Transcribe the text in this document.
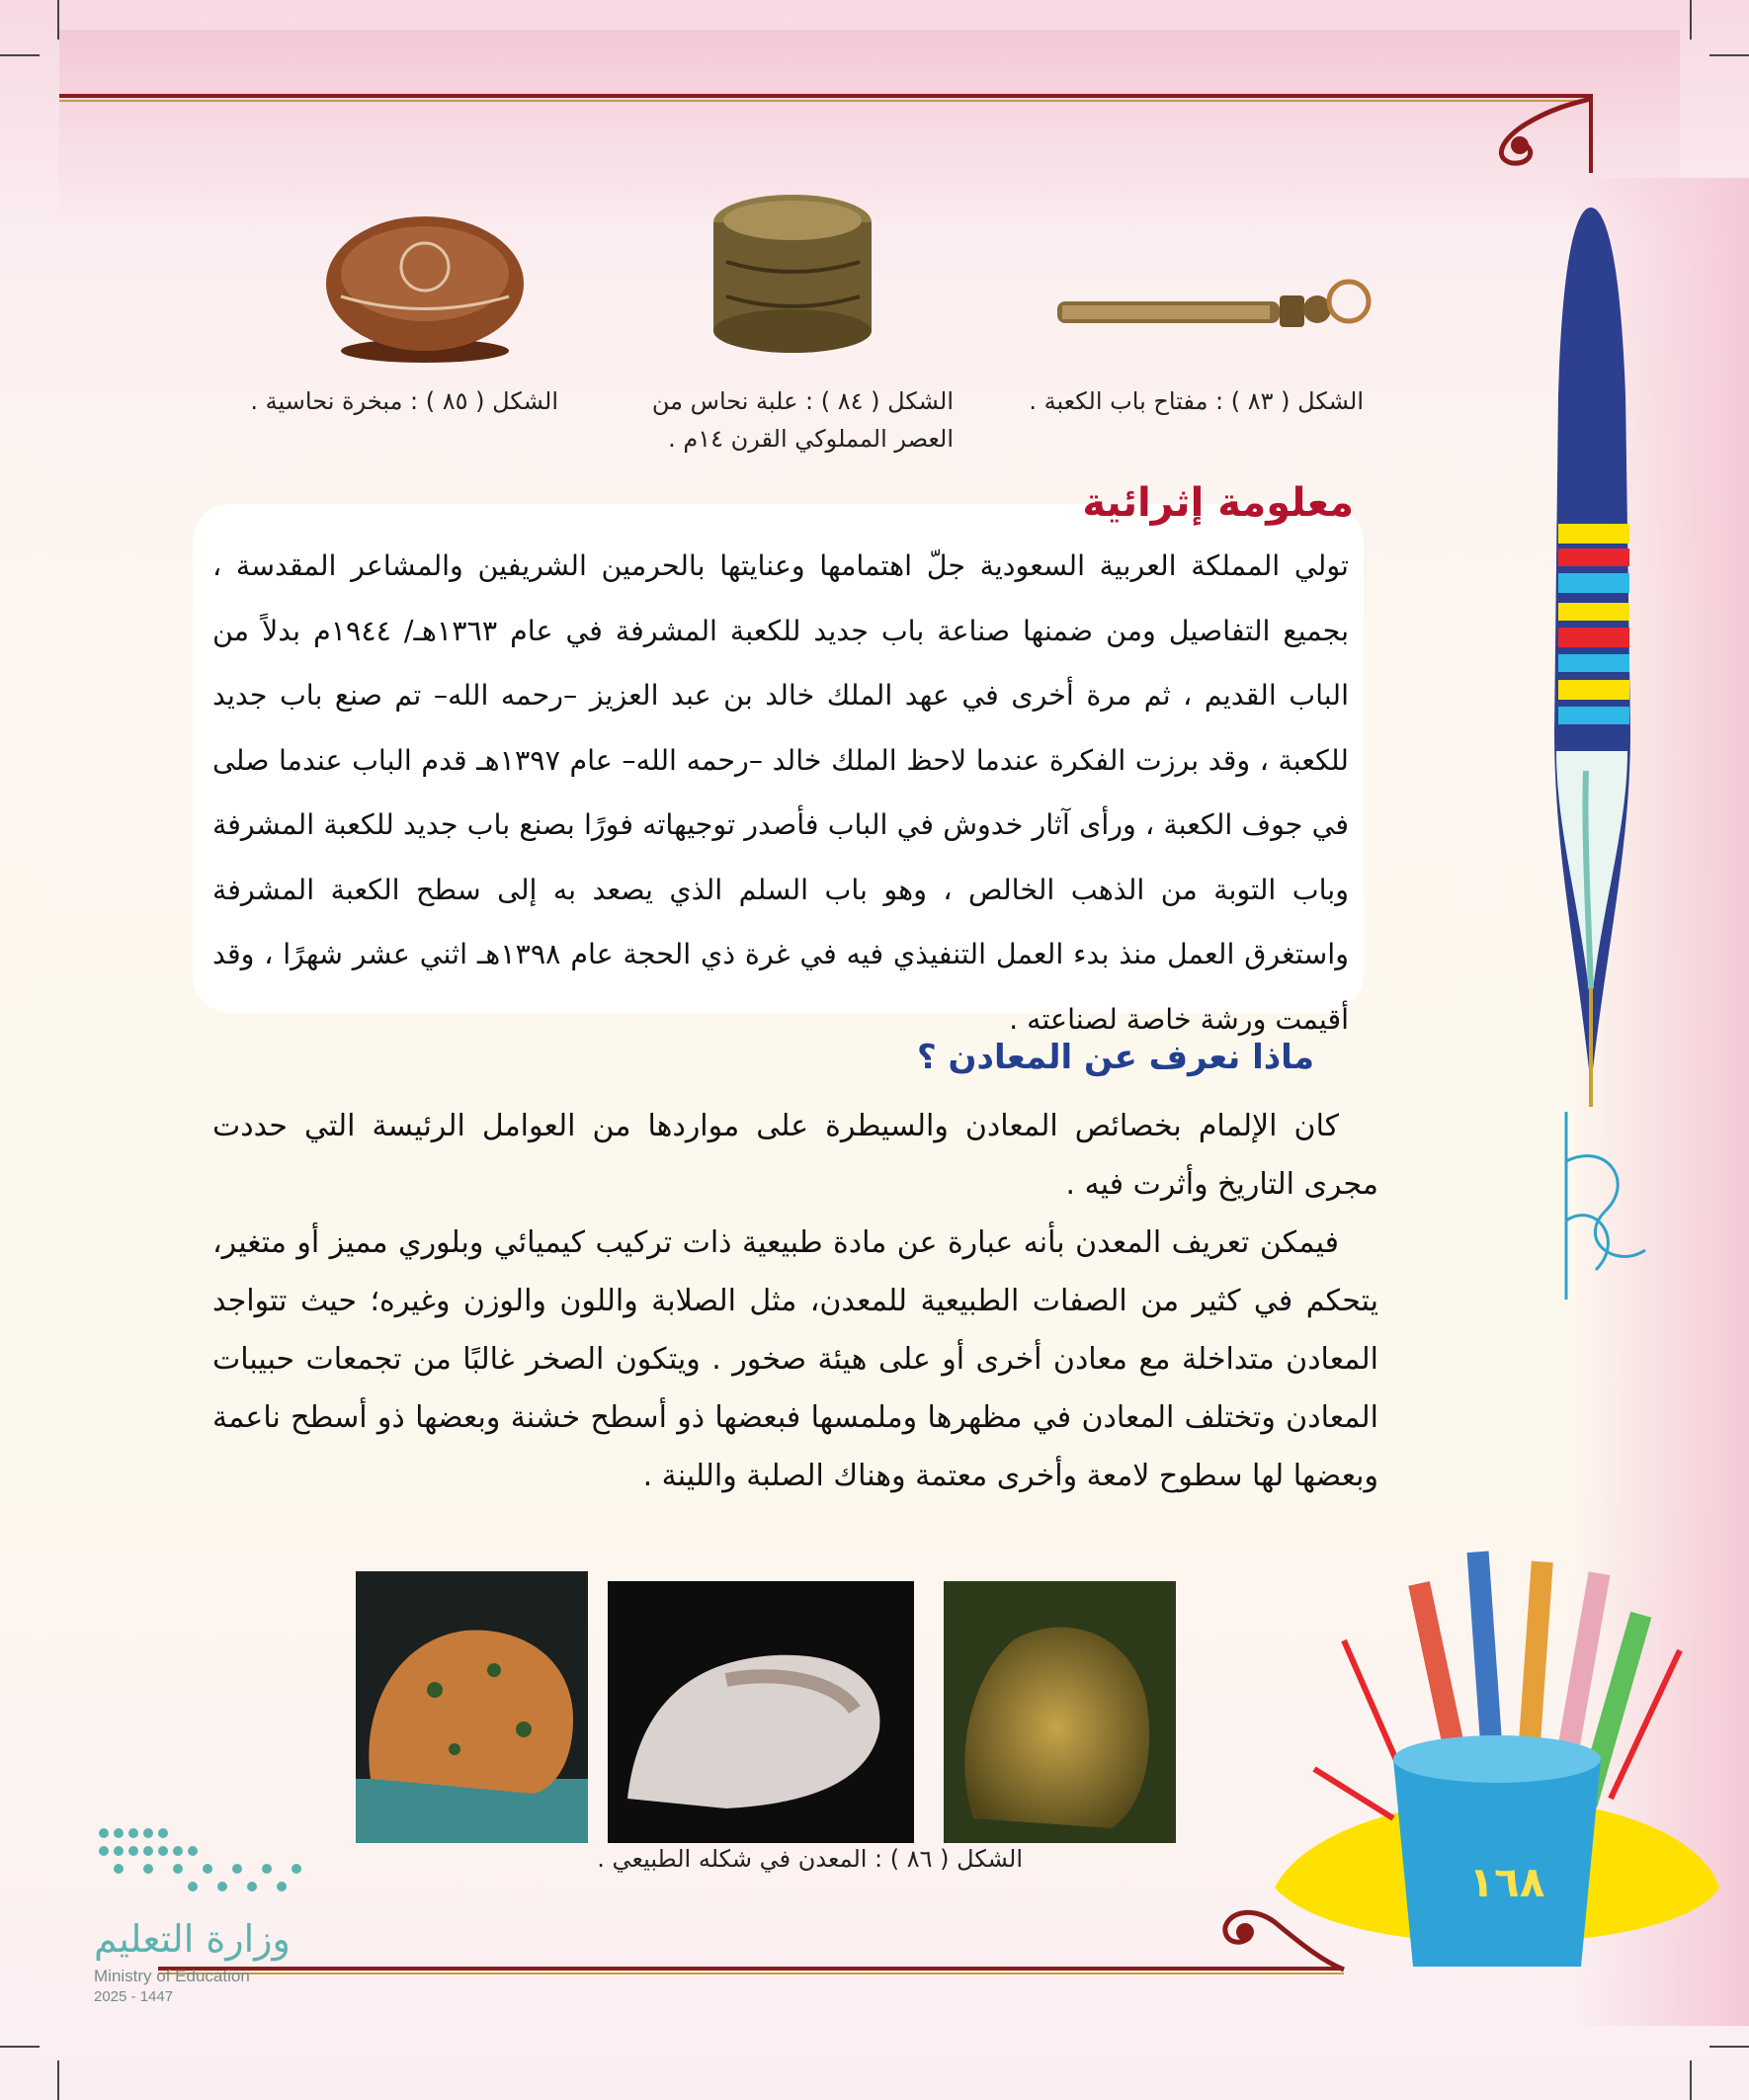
الشكل ( ٨٣ ) : مفتاح باب الكعبة .
الشكل ( ٨٤ ) : علبة نحاس من العصر المملوكي القرن ١٤م .
الشكل ( ٨٥ ) : مبخرة نحاسية .
معلومة إثرائية
تولي المملكة العربية السعودية جلّ اهتمامها وعنايتها بالحرمين الشريفين والمشاعر المقدسة ، بجميع التفاصيل ومن ضمنها صناعة باب جديد للكعبة المشرفة في عام ١٣٦٣هـ/ ١٩٤٤م بدلاً من الباب القديم ، ثم مرة أخرى في عهد الملك خالد بن عبد العزيز –رحمه الله– تم صنع باب جديد للكعبة ، وقد برزت الفكرة عندما لاحظ الملك خالد –رحمه الله– عام ١٣٩٧هـ قدم الباب عندما صلى في جوف الكعبة ، ورأى آثار خدوش في الباب فأصدر توجيهاته فورًا بصنع باب جديد للكعبة المشرفة وباب التوبة من الذهب الخالص ، وهو باب السلم الذي يصعد به إلى سطح الكعبة المشرفة واستغرق العمل منذ بدء العمل التنفيذي فيه في غرة ذي الحجة عام ١٣٩٨هـ اثني عشر شهرًا ، وقد أقيمت ورشة خاصة لصناعته .
ماذا نعرف عن المعادن ؟

كان الإلمام بخصائص المعادن والسيطرة على مواردها من العوامل الرئيسة التي حددت مجرى التاريخ وأثرت فيه .

فيمكن تعريف المعدن بأنه عبارة عن مادة طبيعية ذات تركيب كيميائي وبلوري مميز أو متغير، يتحكم في كثير من الصفات الطبيعية للمعدن، مثل الصلابة واللون والوزن وغيره؛ حيث تتواجد المعادن متداخلة مع معادن أخرى أو على هيئة صخور . ويتكون الصخر غالبًا من تجمعات حبيبات المعادن وتختلف المعادن في مظهرها وملمسها فبعضها ذو أسطح خشنة وبعضها ذو أسطح ناعمة وبعضها لها سطوح لامعة وأخرى معتمة وهناك الصلبة واللينة .

الشكل ( ٨٦ ) : المعدن في شكله الطبيعي .	١٦٨
وزارة التعليم
Ministry of Education
2025 - 1447
